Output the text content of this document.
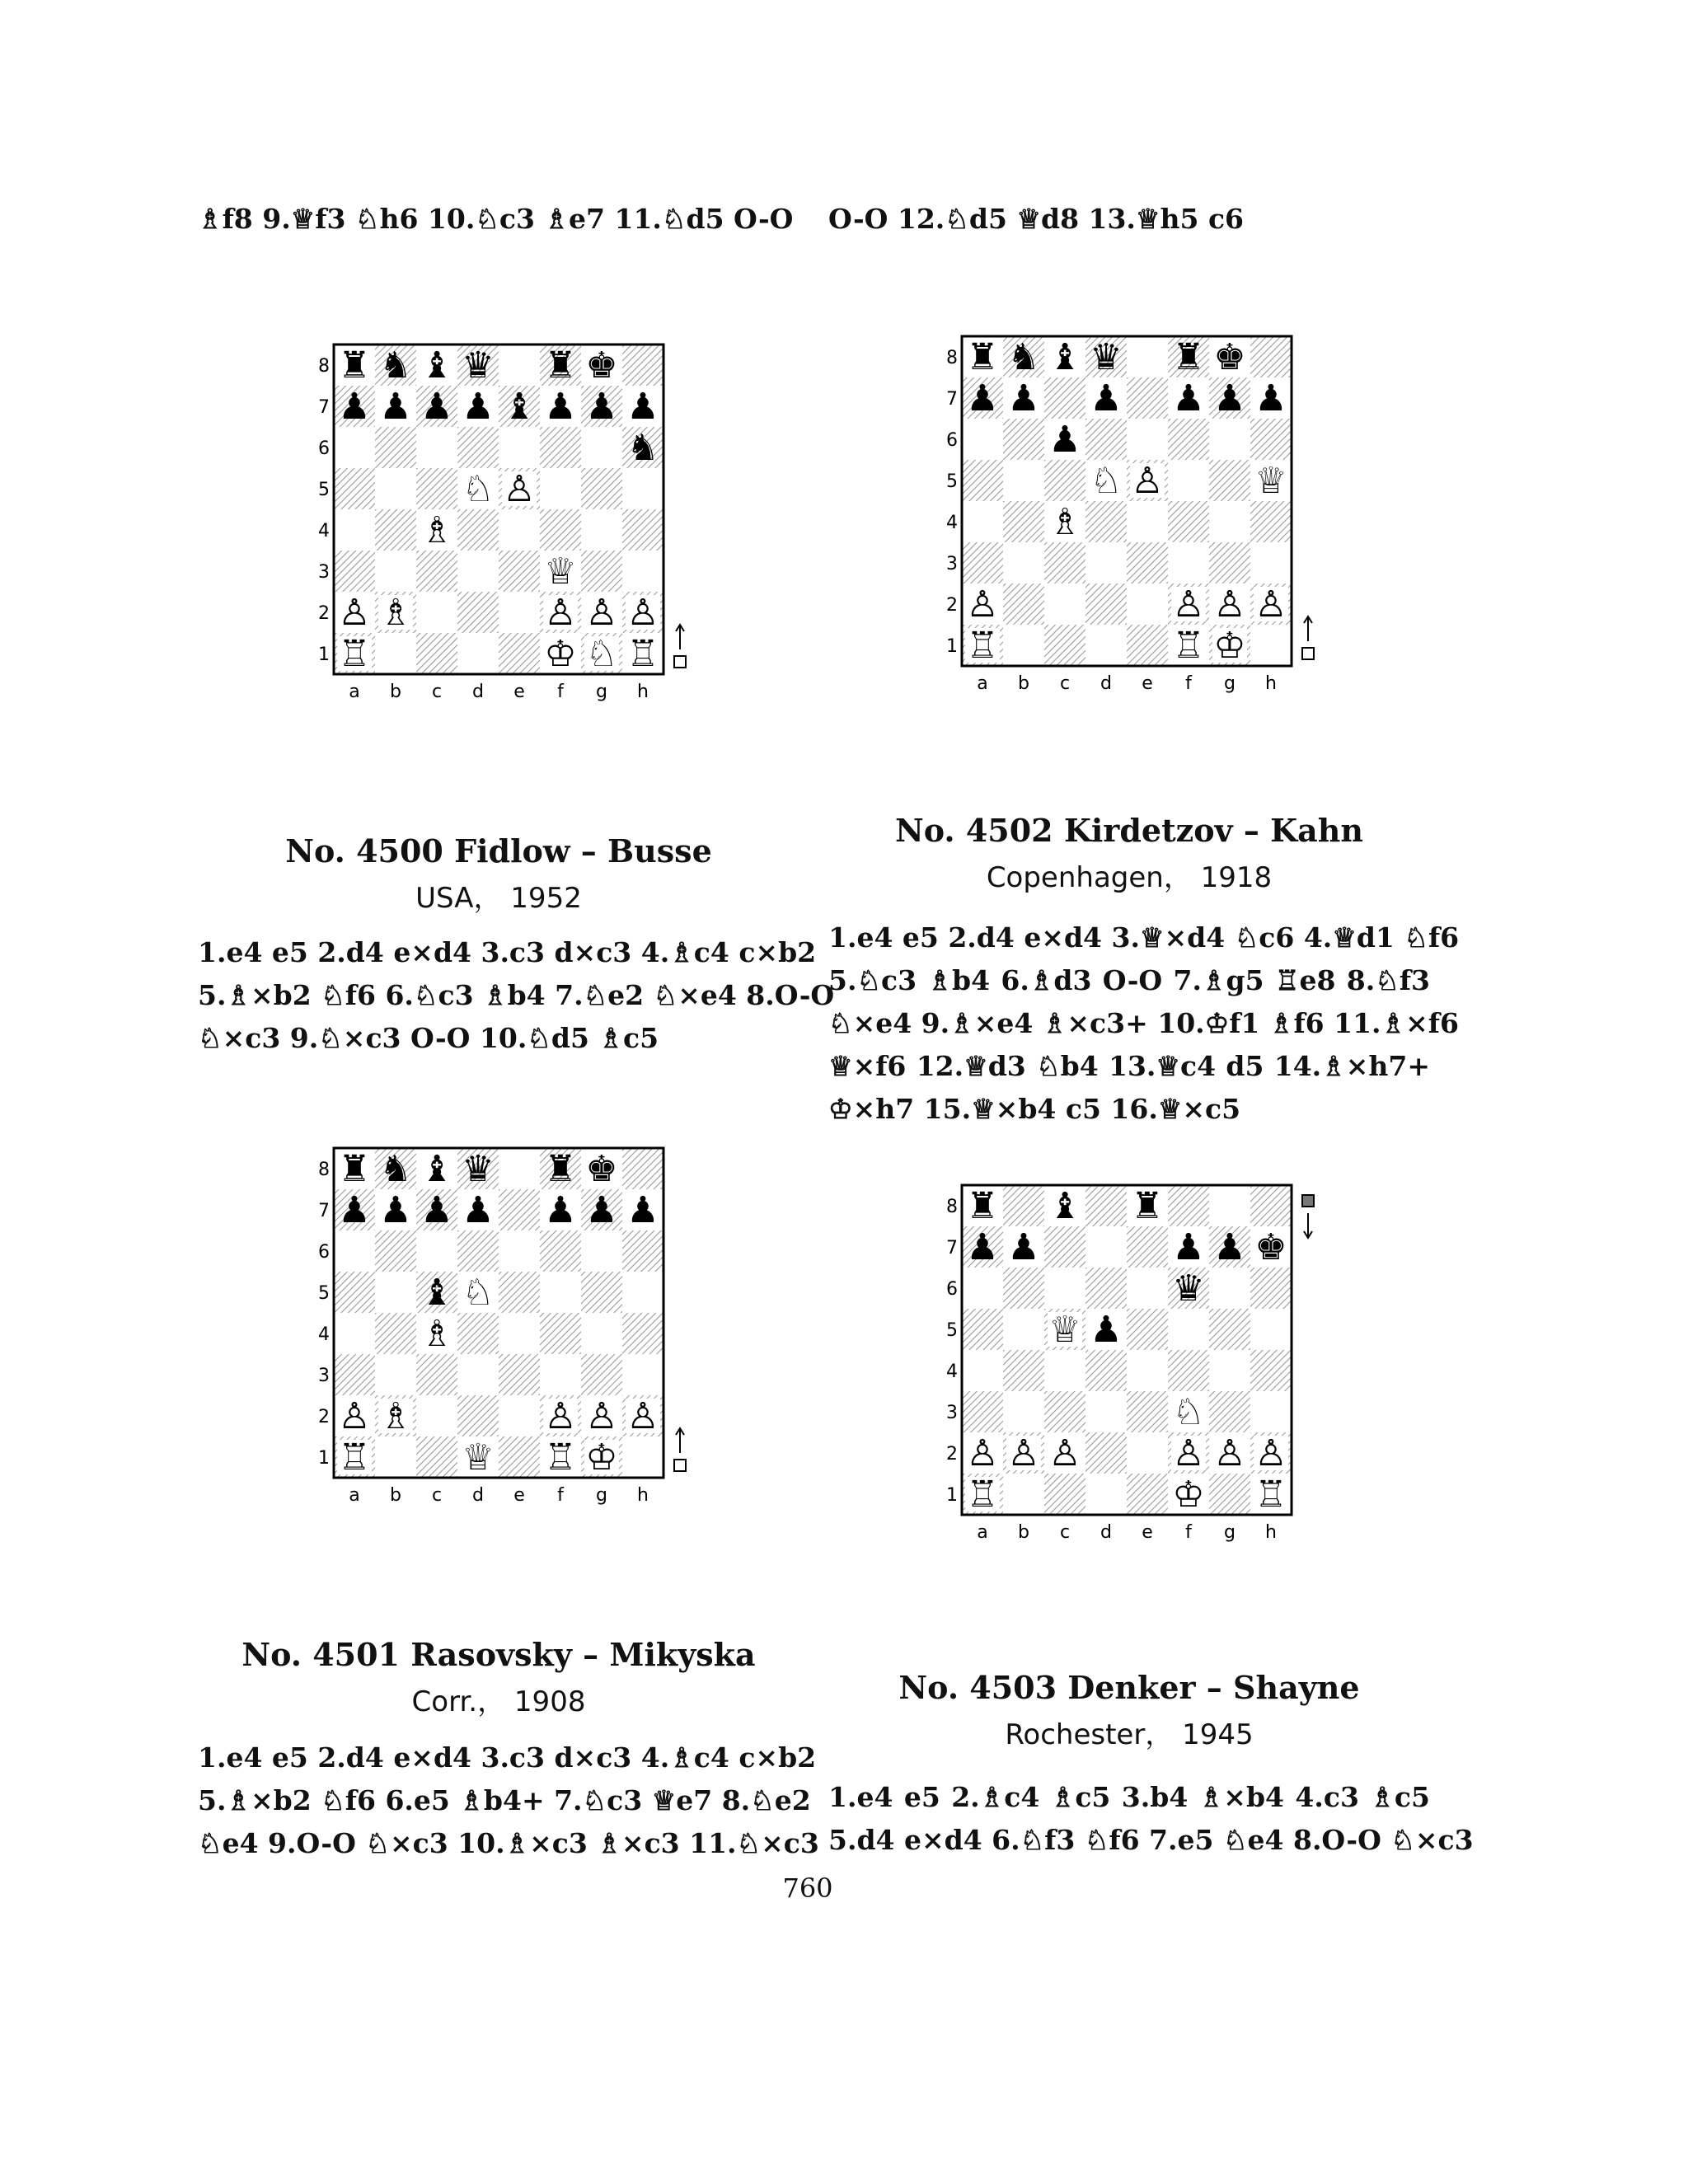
♗f8 9.♕f3 ♘h6 10.♘c3 ♗e7 11.♘d5 O-O O-O 12.♘d5 ♕d8 13.♕h5 c6
♜ ♞ ♝ ♛ ♜ ♚
♟ ♟ ♟ ♟ ♝ ♟ ♟ ♟
♞
♘ ♙
♗
♕
♙ ♗	♙ ♙ ♙
♖	♔ ♘ ♖
8
7
6
5
4
3
2
1
a b c d e f g h
No. 4500 Fidlow – Busse
USA， 1952
1.e4 e5 2.d4 e×d4 3.c3 d×c3 4.♗c4 c×b2
5.♗×b2 ♘f6 6.♘c3 ♗b4 7.♘e2 ♘×e4 8.O-O
♘×c3 9.♘×c3 O-O 10.♘d5 ♗c5
♜ ♞ ♝ ♛ ♜ ♚
♟ ♟ ♟ ♟ ♟ ♟
♟
♘ ♙	♕
♗
♙	♙ ♙ ♙
♖	♖ ♔
8
7
6
5
4
3
2
1
a b c d e f g h
No. 4502 Kirdetzov – Kahn
Copenhagen， 1918
1.e4 e5 2.d4 e×d4 3.♕×d4 ♘c6 4.♕d1 ♘f6
5.♘c3 ♗b4 6.♗d3 O-O 7.♗g5 ♖e8 8.♘f3
♘×e4 9.♗×e4 ♗×c3+ 10.♔f1 ♗f6 11.♗×f6
♕×f6 12.♕d3 ♘b4 13.♕c4 d5 14.♗×h7+
♔×h7 15.♕×b4 c5 16.♕×c5
♜ ♞ ♝ ♛ ♜ ♚
♟ ♟ ♟ ♟ ♟ ♟ ♟
♝ ♘
♗
♙ ♗	♙ ♙ ♙
♖	♕ ♖ ♔
8
7
6
5
4
3
2
1
a b c d e f g h
No. 4501 Rasovsky – Mikyska
Corr.， 1908
1.e4 e5 2.d4 e×d4 3.c3 d×c3 4.♗c4 c×b2
5.♗×b2 ♘f6 6.e5 ♗b4+ 7.♘c3 ♕e7 8.♘e2
♘e4 9.O-O ♘×c3 10.♗×c3 ♗×c3 11.♘×c3
♜ ♝ ♜
♟ ♟	♟ ♟ ♚
♛
♕ ♟
♘
♙ ♙ ♙	♙ ♙ ♙
♖	♔ ♖
8
7
6
5
4
3
2
1
a b c d e f g h
No. 4503 Denker – Shayne
Rochester， 1945
1.e4 e5 2.♗c4 ♗c5 3.b4 ♗×b4 4.c3 ♗c5
5.d4 e×d4 6.♘f3 ♘f6 7.e5 ♘e4 8.O-O ♘×c3
760
